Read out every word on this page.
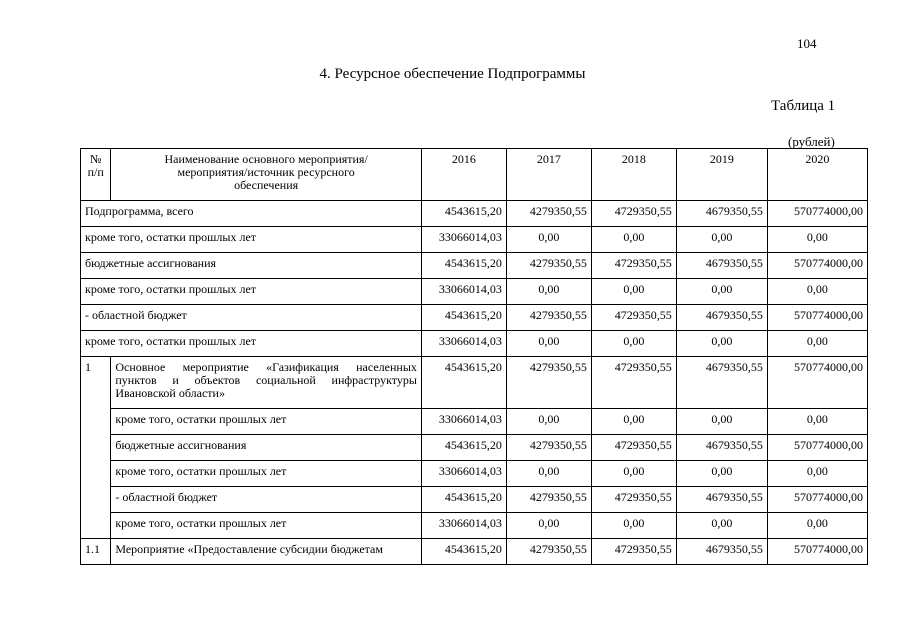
104
4. Ресурсное обеспечение Подпрограммы
Таблица 1
(рублей)
№ п/п	Наименование основного мероприятия/мероприятия/источник ресурсного обеспечения	2016	2017	2018	2019	2020
Подпрограмма, всего		4543615,20	4279350,55	4729350,55	4679350,55	570774000,00
кроме того, остатки прошлых лет		33066014,03	0,00	0,00	0,00	0,00
бюджетные ассигнования		4543615,20	4279350,55	4729350,55	4679350,55	570774000,00
кроме того, остатки прошлых лет		33066014,03	0,00	0,00	0,00	0,00
- областной бюджет		4543615,20	4279350,55	4729350,55	4679350,55	570774000,00
кроме того, остатки прошлых лет		33066014,03	0,00	0,00	0,00	0,00
1	Основное мероприятие «Газификация населенных пунктов и объектов социальной инфраструктуры Ивановской области»	4543615,20	4279350,55	4729350,55	4679350,55	570774000,00
	кроме того, остатки прошлых лет	33066014,03	0,00	0,00	0,00	0,00
	бюджетные ассигнования	4543615,20	4279350,55	4729350,55	4679350,55	570774000,00
	кроме того, остатки прошлых лет	33066014,03	0,00	0,00	0,00	0,00
	- областной бюджет	4543615,20	4279350,55	4729350,55	4679350,55	570774000,00
	кроме того, остатки прошлых лет	33066014,03	0,00	0,00	0,00	0,00
1.1	Мероприятие «Предоставление субсидии бюджетам	4543615,20	4279350,55	4729350,55	4679350,55	570774000,00
